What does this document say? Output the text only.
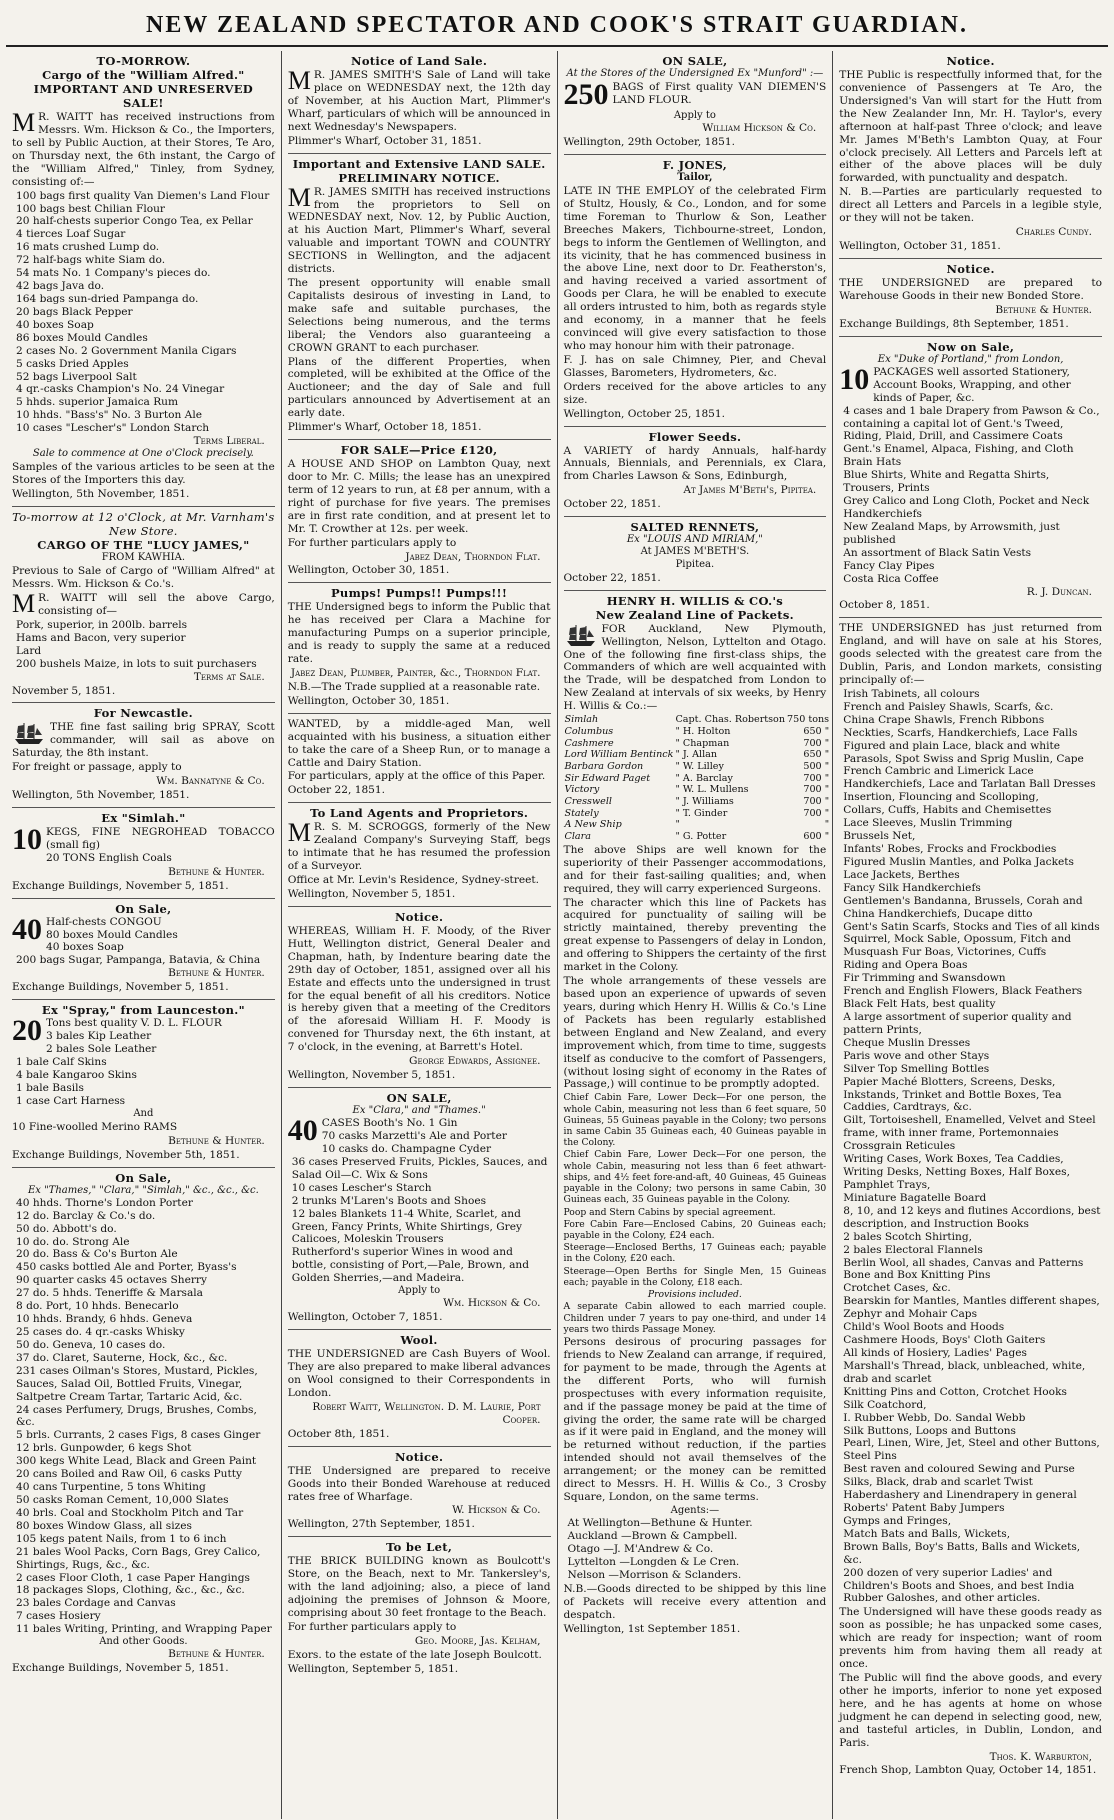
NEW ZEALAND SPECTATOR AND COOK'S STRAIT GUARDIAN.
TO-MORROW.
Cargo of the "William Alfred."
IMPORTANT AND UNRESERVED SALE!
M R. WAITT has received instructions from Messrs. Wm. Hickson & Co., the Importers, to sell by Public Auction, at their Stores, Te Aro, on Thursday next, the 6th instant, the Cargo of the "William Alfred," Tinley, from Sydney, consisting of:—
100 bags first quality Van Diemen's Land Flour
100 bags best Chilian Flour
20 half-chests superior Congo Tea, ex Pellar
4 tierces Loaf Sugar
16 mats crushed Lump do.
72 half-bags white Siam do.
54 mats No. 1 Company's pieces do.
42 bags Java do.
164 bags sun-dried Pampanga do.
20 bags Black Pepper
40 boxes Soap
86 boxes Mould Candles
2 cases No. 2 Government Manila Cigars
5 casks Dried Apples
52 bags Liverpool Salt
4 qr.-casks Champion's No. 24 Vinegar
5 hhds. superior Jamaica Rum
10 hhds. "Bass's" No. 3 Burton Ale
10 cases "Lescher's" London Starch
Terms Liberal.
Sale to commence at One o'Clock precisely.
Samples of the various articles to be seen at the Stores of the Importers this day.
Wellington, 5th November, 1851.
To-morrow at 12 o'Clock, at Mr. Varnham's New Store.
CARGO OF THE "LUCY JAMES,"
FROM KAWHIA.
Previous to Sale of Cargo of "William Alfred" at Messrs. Wm. Hickson & Co.'s.
M R. WAITT will sell the above Cargo, consisting of—
Pork, superior, in 200lb. barrels
Hams and Bacon, very superior
Lard
200 bushels Maize, in lots to suit purchasers
Terms at Sale.
November 5, 1851.
For Newcastle.
THE fine fast sailing brig SPRAY, Scott commander, will sail as above on Saturday, the 8th instant.
For freight or passage, apply to
Wm. Bannatyne & Co.
Wellington, 5th November, 1851.
Ex "Simlah."
10 KEGS, FINE NEGROHEAD TOBACCO (small fig)
20 TONS English Coals
Bethune & Hunter.
Exchange Buildings, November 5, 1851.
On Sale,
40 Half-chests CONGOU
80 boxes Mould Candles
40 boxes Soap
200 bags Sugar, Pampanga, Batavia, & China
Bethune & Hunter.
Exchange Buildings, November 5, 1851.
Ex "Spray," from Launceston."
20 Tons best quality V. D. L. FLOUR
3 bales Kip Leather
2 bales Sole Leather
1 bale Calf Skins
4 bale Kangaroo Skins
1 bale Basils
1 case Cart Harness
And
10 Fine-woolled Merino RAMS
Bethune & Hunter.
Exchange Buildings, November 5th, 1851.
On Sale,
Ex "Thames," "Clara," "Simlah," &c., &c., &c.
40 hhds. Thorne's London Porter
12 do. Barclay & Co.'s do.
50 do. Abbott's do.
10 do. do. Strong Ale
20 do. Bass & Co's Burton Ale
450 casks bottled Ale and Porter, Byass's
90 quarter casks 45 octaves Sherry
27 do. 5 hhds. Teneriffe & Marsala
8 do. Port, 10 hhds. Benecarlo
10 hhds. Brandy, 6 hhds. Geneva
25 cases do. 4 qr.-casks Whisky
50 do. Geneva, 10 cases do.
37 do. Claret, Sauterne, Hock, &c., &c.
231 cases Oilman's Stores, Mustard, Pickles, Sauces, Salad Oil, Bottled Fruits, Vinegar, Saltpetre Cream Tartar, Tartaric Acid, &c.
24 cases Perfumery, Drugs, Brushes, Combs, &c.
5 brls. Currants, 2 cases Figs, 8 cases Ginger
12 brls. Gunpowder, 6 kegs Shot
300 kegs White Lead, Black and Green Paint
20 cans Boiled and Raw Oil, 6 casks Putty
40 cans Turpentine, 5 tons Whiting
50 casks Roman Cement, 10,000 Slates
40 brls. Coal and Stockholm Pitch and Tar
80 boxes Window Glass, all sizes
105 kegs patent Nails, from 1 to 6 inch
21 bales Wool Packs, Corn Bags, Grey Calico, Shirtings, Rugs, &c., &c.
2 cases Floor Cloth, 1 case Paper Hangings
18 packages Slops, Clothing, &c., &c., &c.
23 bales Cordage and Canvas
7 cases Hosiery
11 bales Writing, Printing, and Wrapping Paper
And other Goods.
Bethune & Hunter.
Exchange Buildings, November 5, 1851.
Notice of Land Sale.
M R. JAMES SMITH'S Sale of Land will take place on WEDNESDAY next, the 12th day of November, at his Auction Mart, Plimmer's Wharf, particulars of which will be announced in next Wednesday's Newspapers.
Plimmer's Wharf, October 31, 1851.
Important and Extensive LAND SALE.
PRELIMINARY NOTICE.
M R. JAMES SMITH has received instructions from the proprietors to Sell on WEDNESDAY next, Nov. 12, by Public Auction, at his Auction Mart, Plimmer's Wharf, several valuable and important TOWN and COUNTRY SECTIONS in Wellington, and the adjacent districts.
The present opportunity will enable small Capitalists desirous of investing in Land, to make safe and suitable purchases, the Selections being numerous, and the terms liberal; the Vendors also guaranteeing a CROWN GRANT to each purchaser.
Plans of the different Properties, when completed, will be exhibited at the Office of the Auctioneer; and the day of Sale and full particulars announced by Advertisement at an early date.
Plimmer's Wharf, October 18, 1851.
FOR SALE—Price £120,
A HOUSE AND SHOP on Lambton Quay, next door to Mr. C. Mills; the lease has an unexpired term of 12 years to run, at £8 per annum, with a right of purchase for five years. The premises are in first rate condition, and at present let to Mr. T. Crowther at 12s. per week.
For further particulars apply to
Jabez Dean, Thorndon Flat.
Wellington, October 30, 1851.
Pumps! Pumps!! Pumps!!!
THE Undersigned begs to inform the Public that he has received per Clara a Machine for manufacturing Pumps on a superior principle, and is ready to supply the same at a reduced rate.
Jabez Dean, Plumber, Painter, &c., Thorndon Flat.
N.B.—The Trade supplied at a reasonable rate.
Wellington, October 30, 1851.
WANTED, by a middle-aged Man, well acquainted with his business, a situation either to take the care of a Sheep Run, or to manage a Cattle and Dairy Station.
For particulars, apply at the office of this Paper.
October 22, 1851.
To Land Agents and Proprietors.
M R. S. M. SCROGGS, formerly of the New Zealand Company's Surveying Staff, begs to intimate that he has resumed the profession of a Surveyor.
Office at Mr. Levin's Residence, Sydney-street.
Wellington, November 5, 1851.
Notice.
WHEREAS, William H. F. Moody, of the River Hutt, Wellington district, General Dealer and Chapman, hath, by Indenture bearing date the 29th day of October, 1851, assigned over all his Estate and effects unto the undersigned in trust for the equal benefit of all his creditors. Notice is hereby given that a meeting of the Creditors of the aforesaid William H. F. Moody is convened for Thursday next, the 6th instant, at 7 o'clock, in the evening, at Barrett's Hotel.
George Edwards, Assignee.
Wellington, November 5, 1851.
ON SALE,
Ex "Clara," and "Thames."
40 CASES Booth's No. 1 Gin
70 casks Marzetti's Ale and Porter
10 casks do. Champagne Cyder
36 cases Preserved Fruits, Pickles, Sauces, and Salad Oil—C. Wix & Sons
10 cases Lescher's Starch
2 trunks M'Laren's Boots and Shoes
12 bales Blankets 11-4 White, Scarlet, and Green, Fancy Prints, White Shirtings, Grey Calicoes, Moleskin Trousers
Rutherford's superior Wines in wood and bottle, consisting of Port,—Pale, Brown, and Golden Sherries,—and Madeira.
Apply to
Wm. Hickson & Co.
Wellington, October 7, 1851.
Wool.
THE UNDERSIGNED are Cash Buyers of Wool. They are also prepared to make liberal advances on Wool consigned to their Correspondents in London.
Robert Waitt, Wellington. D. M. Laurie, Port Cooper.
October 8th, 1851.
Notice.
THE Undersigned are prepared to receive Goods into their Bonded Warehouse at reduced rates free of Wharfage.
W. Hickson & Co.
Wellington, 27th September, 1851.
To be Let,
THE BRICK BUILDING known as Boulcott's Store, on the Beach, next to Mr. Tankersley's, with the land adjoining; also, a piece of land adjoining the premises of Johnson & Moore, comprising about 30 feet frontage to the Beach.
For further particulars apply to
Geo. Moore, Jas. Kelham,
Exors. to the estate of the late Joseph Boulcott.
Wellington, September 5, 1851.
ON SALE,
At the Stores of the Undersigned Ex "Munford" :—
250 BAGS of First quality VAN DIEMEN'S LAND FLOUR.
Apply to
William Hickson & Co.
Wellington, 29th October, 1851.
F. JONES,
Tailor,
LATE IN THE EMPLOY of the celebrated Firm of Stultz, Hously, & Co., London, and for some time Foreman to Thurlow & Son, Leather Breeches Makers, Tichbourne-street, London, begs to inform the Gentlemen of Wellington, and its vicinity, that he has commenced business in the above Line, next door to Dr. Featherston's, and having received a varied assortment of Goods per Clara, he will be enabled to execute all orders intrusted to him, both as regards style and economy, in a manner that he feels convinced will give every satisfaction to those who may honour him with their patronage.
F. J. has on sale Chimney, Pier, and Cheval Glasses, Barometers, Hydrometers, &c.
Orders received for the above articles to any size.
Wellington, October 25, 1851.
Flower Seeds.
A VARIETY of hardy Annuals, half-hardy Annuals, Biennials, and Perennials, ex Clara, from Charles Lawson & Sons, Edinburgh,
At James M'Beth's, Pipitea.
October 22, 1851.
SALTED RENNETS,
Ex "LOUIS AND MIRIAM,"
At JAMES M'BETH'S.
Pipitea.
October 22, 1851.
HENRY H. WILLIS & CO.'s
New Zealand Line of Packets.
FOR Auckland, New Plymouth, Wellington, Nelson, Lyttelton and Otago. One of the following fine first-class ships, the Commanders of which are well acquainted with the Trade, will be despatched from London to New Zealand at intervals of six weeks, by Henry H. Willis & Co.:—
Simlah	Capt. Chas. Robertson	750 tons
Columbus	" H. Holton	650 "
Cashmere	" Chapman	700 "
Lord William Bentinck	" J. Allan	650 "
Barbara Gordon	" W. Lilley	500 "
Sir Edward Paget	" A. Barclay	700 "
Victory	" W. L. Mullens	700 "
Cresswell	" J. Williams	700 "
Stately	" T. Ginder	700 "
A New Ship	"	"
Clara	" G. Potter	600 "
The above Ships are well known for the superiority of their Passenger accommodations, and for their fast-sailing qualities; and, when required, they will carry experienced Surgeons.
The character which this line of Packets has acquired for punctuality of sailing will be strictly maintained, thereby preventing the great expense to Passengers of delay in London, and offering to Shippers the certainty of the first market in the Colony.
The whole arrangements of these vessels are based upon an experience of upwards of seven years, during which Henry H. Willis & Co.'s Line of Packets has been regularly established between England and New Zealand, and every improvement which, from time to time, suggests itself as conducive to the comfort of Passengers, (without losing sight of economy in the Rates of Passage,) will continue to be promptly adopted.
Chief Cabin Fare, Lower Deck—For one person, the whole Cabin, measuring not less than 6 feet square, 50 Guineas, 55 Guineas payable in the Colony; two persons in same Cabin 35 Guineas each, 40 Guineas payable in the Colony.
Chief Cabin Fare, Lower Deck—For one person, the whole Cabin, measuring not less than 6 feet athwart-ships, and 4½ feet fore-and-aft, 40 Guineas, 45 Guineas payable in the Colony; two persons in same Cabin, 30 Guineas each, 35 Guineas payable in the Colony.
Poop and Stern Cabins by special agreement.
Fore Cabin Fare—Enclosed Cabins, 20 Guineas each; payable in the Colony, £24 each.
Steerage—Enclosed Berths, 17 Guineas each; payable in the Colony, £20 each.
Steerage—Open Berths for Single Men, 15 Guineas each; payable in the Colony, £18 each.
Provisions included.
A separate Cabin allowed to each married couple. Children under 7 years to pay one-third, and under 14 years two thirds Passage Money.
Persons desirous of procuring passages for friends to New Zealand can arrange, if required, for payment to be made, through the Agents at the different Ports, who will furnish prospectuses with every information requisite, and if the passage money be paid at the time of giving the order, the same rate will be charged as if it were paid in England, and the money will be returned without reduction, if the parties intended should not avail themselves of the arrangement; or the money can be remitted direct to Messrs. H. H. Willis & Co., 3 Crosby Square, London, on the same terms.
Agents:—
At Wellington—Bethune & Hunter.
Auckland —Brown & Campbell.
Otago —J. M'Andrew & Co.
Lyttelton —Longden & Le Cren.
Nelson —Morrison & Sclanders.
N.B.—Goods directed to be shipped by this line of Packets will receive every attention and despatch.
Wellington, 1st September 1851.
Notice.
THE Public is respectfully informed that, for the convenience of Passengers at Te Aro, the Undersigned's Van will start for the Hutt from the New Zealander Inn, Mr. H. Taylor's, every afternoon at half-past Three o'clock; and leave Mr. James M'Beth's Lambton Quay, at Four o'clock precisely. All Letters and Parcels left at either of the above places will be duly forwarded, with punctuality and despatch.
N. B.—Parties are particularly requested to direct all Letters and Parcels in a legible style, or they will not be taken.
Charles Cundy.
Wellington, October 31, 1851.
Notice.
THE UNDERSIGNED are prepared to Warehouse Goods in their new Bonded Store.
Bethune & Hunter.
Exchange Buildings, 8th September, 1851.
Now on Sale,
Ex "Duke of Portland," from London,
10 PACKAGES well assorted Stationery, Account Books, Wrapping, and other kinds of Paper, &c.
4 cases and 1 bale Drapery from Pawson & Co., containing a capital lot of Gent.'s Tweed, Riding, Plaid, Drill, and Cassimere Coats
Gent.'s Enamel, Alpaca, Fishing, and Cloth Brain Hats
Blue Shirts, White and Regatta Shirts, Trousers, Prints
Grey Calico and Long Cloth, Pocket and Neck Handkerchiefs
New Zealand Maps, by Arrowsmith, just published
An assortment of Black Satin Vests
Fancy Clay Pipes
Costa Rica Coffee
R. J. Duncan.
October 8, 1851.
THE UNDERSIGNED has just returned from England, and will have on sale at his Stores, goods selected with the greatest care from the Dublin, Paris, and London markets, consisting principally of:—
Irish Tabinets, all colours
French and Paisley Shawls, Scarfs, &c.
China Crape Shawls, French Ribbons
Neckties, Scarfs, Handkerchiefs, Lace Falls
Figured and plain Lace, black and white
Parasols, Spot Swiss and Sprig Muslin, Cape
French Cambric and Limerick Lace Handkerchiefs, Lace and Tarlatan Ball Dresses
Insertion, Flouncing and Scolloping,
Collars, Cuffs, Habits and Chemisettes
Lace Sleeves, Muslin Trimming
Brussels Net,
Infants' Robes, Frocks and Frockbodies
Figured Muslin Mantles, and Polka Jackets
Lace Jackets, Berthes
Fancy Silk Handkerchiefs
Gentlemen's Bandanna, Brussels, Corah and China Handkerchiefs, Ducape ditto
Gent's Satin Scarfs, Stocks and Ties of all kinds
Squirrel, Mock Sable, Opossum, Fitch and Musquash Fur Boas, Victorines, Cuffs
Riding and Opera Boas
Fir Trimming and Swansdown
French and English Flowers, Black Feathers
Black Felt Hats, best quality
A large assortment of superior quality and pattern Prints,
Cheque Muslin Dresses
Paris wove and other Stays
Silver Top Smelling Bottles
Papier Maché Blotters, Screens, Desks, Inkstands, Trinket and Bottle Boxes, Tea Caddies, Cardtrays, &c.
Gilt, Tortoiseshell, Enamelled, Velvet and Steel frame, with inner frame, Portemonnaies
Crossgrain Reticules
Writing Cases, Work Boxes, Tea Caddies, Writing Desks, Netting Boxes, Half Boxes, Pamphlet Trays,
Miniature Bagatelle Board
8, 10, and 12 keys and flutines Accordions, best description, and Instruction Books
2 bales Scotch Shirting,
2 bales Electoral Flannels
Berlin Wool, all shades, Canvas and Patterns
Bone and Box Knitting Pins
Crotchet Cases, &c.
Bearskin for Mantles, Mantles different shapes, Zephyr and Mohair Caps
Child's Wool Boots and Hoods
Cashmere Hoods, Boys' Cloth Gaiters
All kinds of Hosiery, Ladies' Pages
Marshall's Thread, black, unbleached, white, drab and scarlet
Knitting Pins and Cotton, Crotchet Hooks
Silk Coatchord,
I. Rubber Webb, Do. Sandal Webb
Silk Buttons, Loops and Buttons
Pearl, Linen, Wire, Jet, Steel and other Buttons, Steel Pins
Best raven and coloured Sewing and Purse Silks, Black, drab and scarlet Twist
Haberdashery and Linendrapery in general
Roberts' Patent Baby Jumpers
Gymps and Fringes,
Match Bats and Balls, Wickets,
Brown Balls, Boy's Batts, Balls and Wickets, &c.
200 dozen of very superior Ladies' and Children's Boots and Shoes, and best India Rubber Galoshes, and other articles.
The Undersigned will have these goods ready as soon as possible; he has unpacked some cases, which are ready for inspection; want of room prevents him from having them all ready at once.
The Public will find the above goods, and every other he imports, inferior to none yet exposed here, and he has agents at home on whose judgment he can depend in selecting good, new, and tasteful articles, in Dublin, London, and Paris.
Thos. K. Warburton,
French Shop, Lambton Quay, October 14, 1851.
